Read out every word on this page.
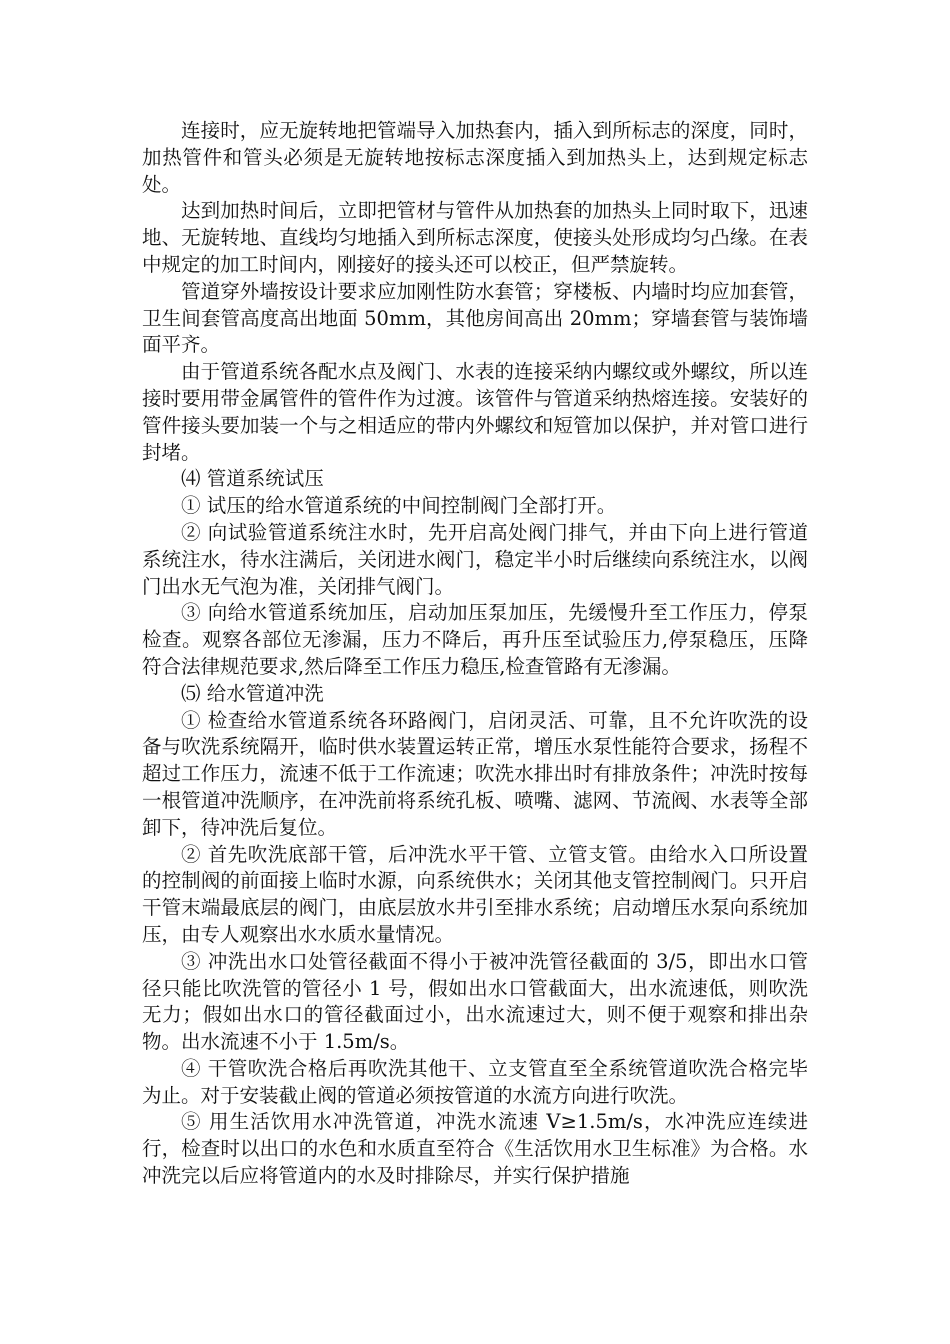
连接时，应无旋转地把管端导入加热套内，插入到所标志的深度，同时，加热管件和管头必须是无旋转地按标志深度插入到加热头上，达到规定标志处。

达到加热时间后，立即把管材与管件从加热套的加热头上同时取下，迅速地、无旋转地、直线均匀地插入到所标志深度，使接头处形成均匀凸缘。在表中规定的加工时间内，刚接好的接头还可以校正，但严禁旋转。

管道穿外墙按设计要求应加刚性防水套管；穿楼板、内墙时均应加套管，卫生间套管高度高出地面 50mm，其他房间高出 20mm；穿墙套管与装饰墙面平齐。

由于管道系统各配水点及阀门、水表的连接采纳内螺纹或外螺纹，所以连接时要用带金属管件的管件作为过渡。该管件与管道采纳热熔连接。安装好的管件接头要加装一个与之相适应的带内外螺纹和短管加以保护，并对管口进行封堵。

⑷ 管道系统试压

① 试压的给水管道系统的中间控制阀门全部打开。

② 向试验管道系统注水时，先开启高处阀门排气，并由下向上进行管道系统注水，待水注满后，关闭进水阀门，稳定半小时后继续向系统注水，以阀门出水无气泡为准，关闭排气阀门。

③ 向给水管道系统加压，启动加压泵加压，先缓慢升至工作压力，停泵检查。观察各部位无渗漏，压力不降后，再升压至试验压力,停泵稳压，压降符合法律规范要求,然后降至工作压力稳压,检查管路有无渗漏。

⑸ 给水管道冲洗

① 检查给水管道系统各环路阀门，启闭灵活、可靠，且不允许吹洗的设备与吹洗系统隔开，临时供水装置运转正常，增压水泵性能符合要求，扬程不超过工作压力，流速不低于工作流速；吹洗水排出时有排放条件；冲洗时按每一根管道冲洗顺序，在冲洗前将系统孔板、喷嘴、滤网、节流阀、水表等全部卸下，待冲洗后复位。

② 首先吹洗底部干管，后冲洗水平干管、立管支管。由给水入口所设置的控制阀的前面接上临时水源，向系统供水；关闭其他支管控制阀门。只开启干管末端最底层的阀门，由底层放水井引至排水系统；启动增压水泵向系统加压，由专人观察出水水质水量情况。

③ 冲洗出水口处管径截面不得小于被冲洗管径截面的 3/5，即出水口管径只能比吹洗管的管径小 1 号，假如出水口管截面大，出水流速低，则吹洗无力；假如出水口的管径截面过小，出水流速过大，则不便于观察和排出杂物。出水流速不小于 1.5m/s。

④ 干管吹洗合格后再吹洗其他干、立支管直至全系统管道吹洗合格完毕为止。对于安装截止阀的管道必须按管道的水流方向进行吹洗。

⑤ 用生活饮用水冲洗管道，冲洗水流速 V≥1.5m/s，水冲洗应连续进行，检查时以出口的水色和水质直至符合《生活饮用水卫生标准》为合格。水冲洗完以后应将管道内的水及时排除尽，并实行保护措施
